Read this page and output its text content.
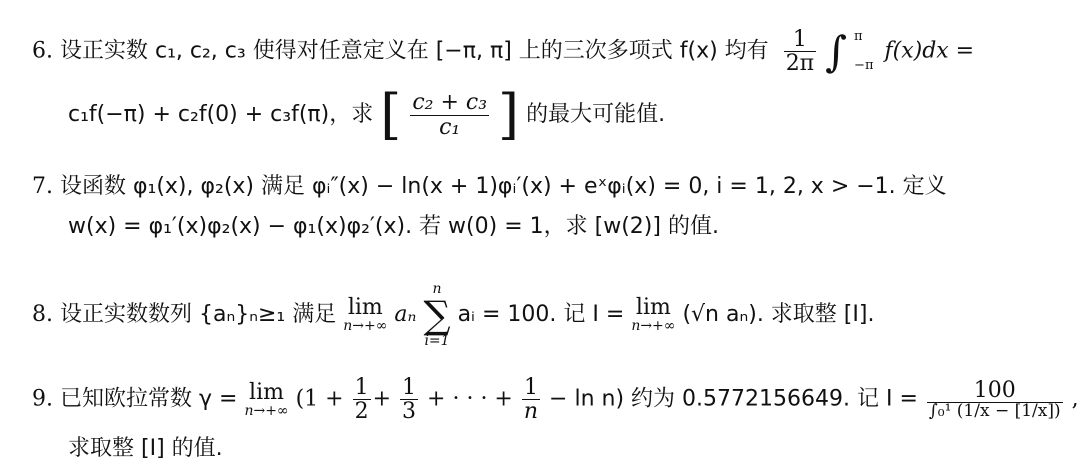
6. 设正实数 c₁, c₂, c₃ 使得对任意定义在 [−π, π] 上的三次多项式 f(x) 均有 $\frac{1}{2\pi}$ ∫ π
−π
f(x)dx =
c₁f(−π) + c₂f(0) + c₃f(π)，求 [ $\frac{\text{c₂ + c₃}}{\text{c₁}}$ ] 的最大可能值.
7. 设函数 φ₁(x), φ₂(x) 满足 φᵢ″(x) − ln(x + 1)φᵢ′(x) + eˣφᵢ(x) = 0, i = 1, 2, x > −1. 定义
w(x) = φ₁′(x)φ₂(x) − φ₁(x)φ₂′(x). 若 w(0) = 1，求 [w(2)] 的值.
8. 设正实数数列 {aₙ}ₙ≥₁ 满足 lim
n→+∞ aₙ
n
∑
i=1
aᵢ = 100. 记 I = lim
n→+∞ (√n aₙ). 求取整 [I].
9. 已知欧拉常数 γ = lim
n→+∞ ($1 + \frac{1}{2} + \frac{1}{3}$ + · · · + $\frac{1}{n} - \ln n$) 约为 0.5772156649. 记 $I = \frac{100}{\text{∫₀¹ (1/x − [1/x])}}$ ,
求取整 [I] 的值.
